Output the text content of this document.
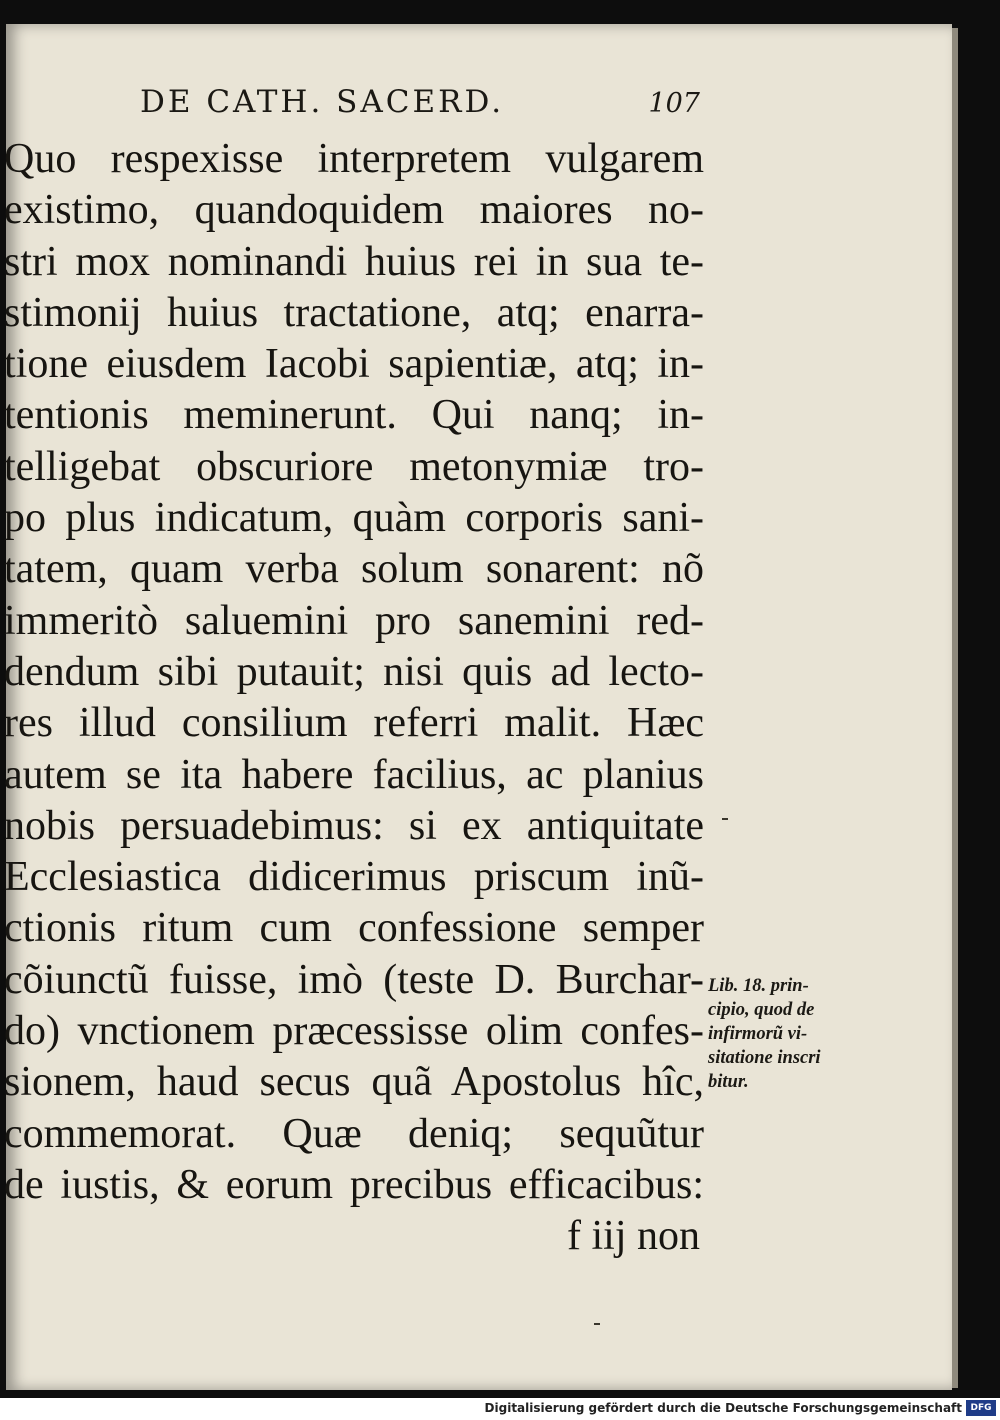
DE CATH. SACERD.	107
Quo respexisse interpretem vulgarem
existimo, quandoquidem maiores no-
stri mox nominandi huius rei in sua te-
stimonij huius tractatione, atq; enarra-
tione eiusdem Iacobi sapientiæ, atq; in-
tentionis meminerunt. Qui nanq; in-
telligebat obscuriore metonymiæ tro-
po plus indicatum, quàm corporis sani-
tatem, quam verba solum sonarent: nõ
immeritò saluemini pro sanemini red-
dendum sibi putauit; nisi quis ad lecto-
res illud consilium referri malit. Hæc
autem se ita habere facilius, ac planius
nobis persuadebimus: si ex antiquitate
Ecclesiastica didicerimus priscum inũ-
ctionis ritum cum confessione semper
cõiunctũ fuisse, imò (teste D. Burchar-
do) vnctionem præcessisse olim confes-
sionem, haud secus quã Apostolus hîc,
commemorat. Quæ deniq; sequũtur
de iustis, & eorum precibus efficacibus:
f iij non
Lib. 18. prin-
cipio, quod de
infirmorũ vi-
sitatione inscri
bitur.
Digitalisierung gefördert durch die Deutsche Forschungsgemeinschaft DFG
